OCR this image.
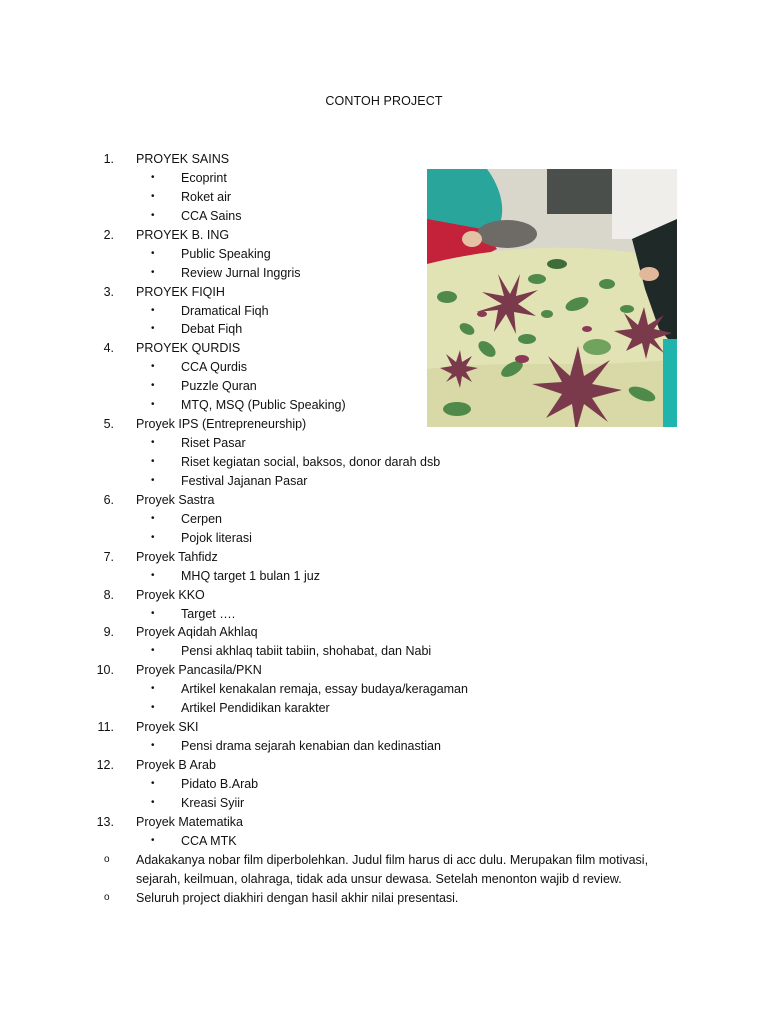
CONTOH PROJECT
1. PROYEK SAINS
• Ecoprint
• Roket air
• CCA Sains
2. PROYEK B. ING
• Public Speaking
• Review Jurnal Inggris
3. PROYEK FIQIH
• Dramatical Fiqh
• Debat Fiqh
4. PROYEK QURDIS
• CCA Qurdis
• Puzzle Quran
• MTQ, MSQ (Public Speaking)
5. Proyek IPS (Entrepreneurship)
• Riset Pasar
• Riset kegiatan social, baksos, donor darah dsb
• Festival Jajanan Pasar
6. Proyek Sastra
• Cerpen
• Pojok literasi
7. Proyek Tahfidz
• MHQ target 1 bulan 1 juz
8. Proyek KKO
• Target ….
9. Proyek Aqidah Akhlaq
• Pensi akhlaq tabiit tabiin, shohabat, dan Nabi
10. Proyek Pancasila/PKN
• Artikel kenakalan remaja, essay budaya/keragaman
• Artikel Pendidikan karakter
11. Proyek SKI
• Pensi drama sejarah kenabian dan kedinastian
12. Proyek B Arab
• Pidato B.Arab
• Kreasi Syiir
13. Proyek Matematika
• CCA MTK
o Adakakanya nobar film diperbolehkan. Judul film harus di acc dulu. Merupakan film motivasi,
sejarah, keilmuan, olahraga, tidak ada unsur dewasa. Setelah menonton wajib d review.
o Seluruh project diakhiri dengan hasil akhir nilai presentasi.
